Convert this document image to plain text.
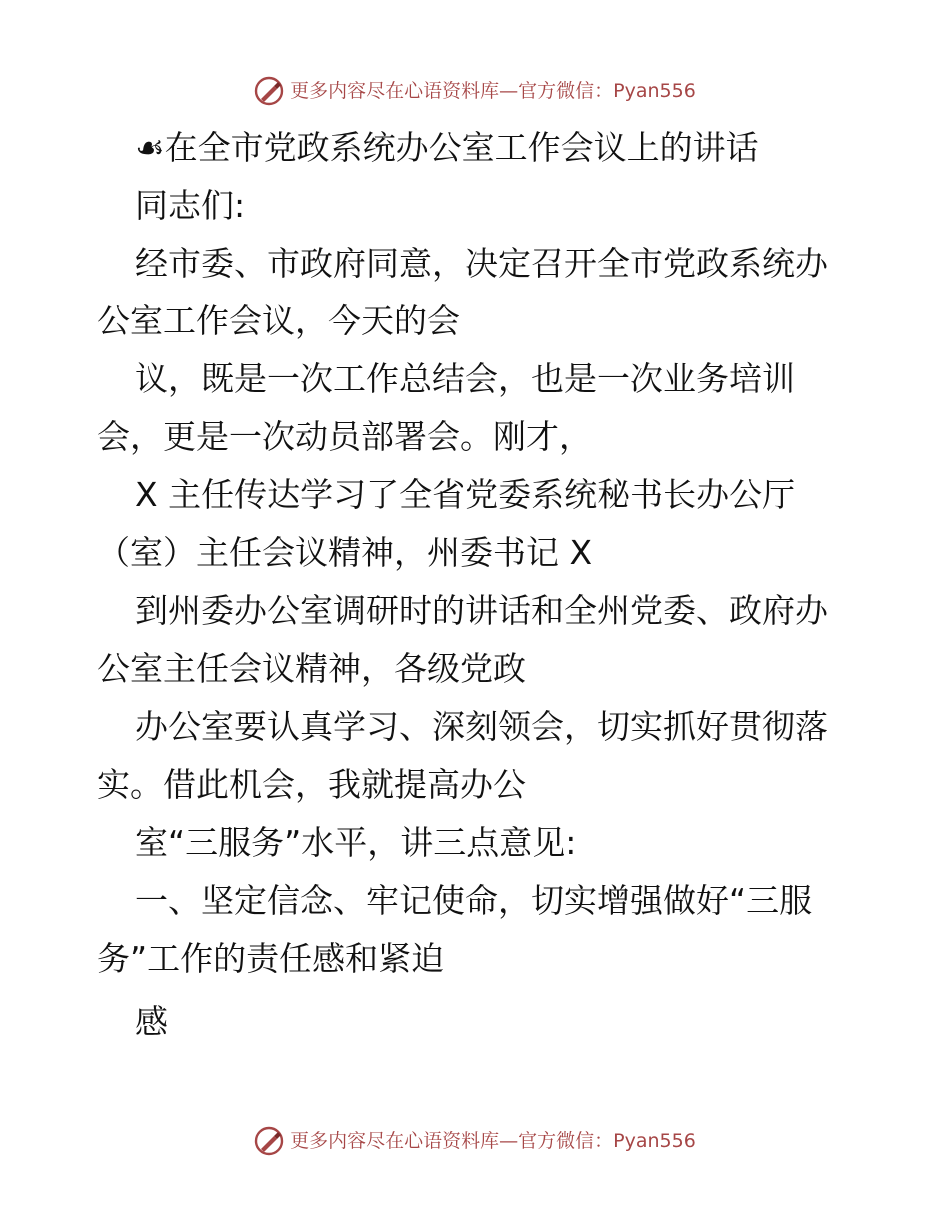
更多内容尽在心语资料库—官方微信：Pyan556
☙在全市党政系统办公室工作会议上的讲话
同志们:
经市委、市政府同意，决定召开全市党政系统办
公室工作会议，今天的会
议，既是一次工作总结会，也是一次业务培训
会，更是一次动员部署会。刚才，
X 主任传达学习了全省党委系统秘书长办公厅
（室）主任会议精神，州委书记 X
到州委办公室调研时的讲话和全州党委、政府办
公室主任会议精神，各级党政
办公室要认真学习、深刻领会，切实抓好贯彻落
实。借此机会，我就提高办公
室“三服务”水平，讲三点意见:
一、坚定信念、牢记使命，切实增强做好“三服
务”工作的责任感和紧迫
感
更多内容尽在心语资料库—官方微信：Pyan556
